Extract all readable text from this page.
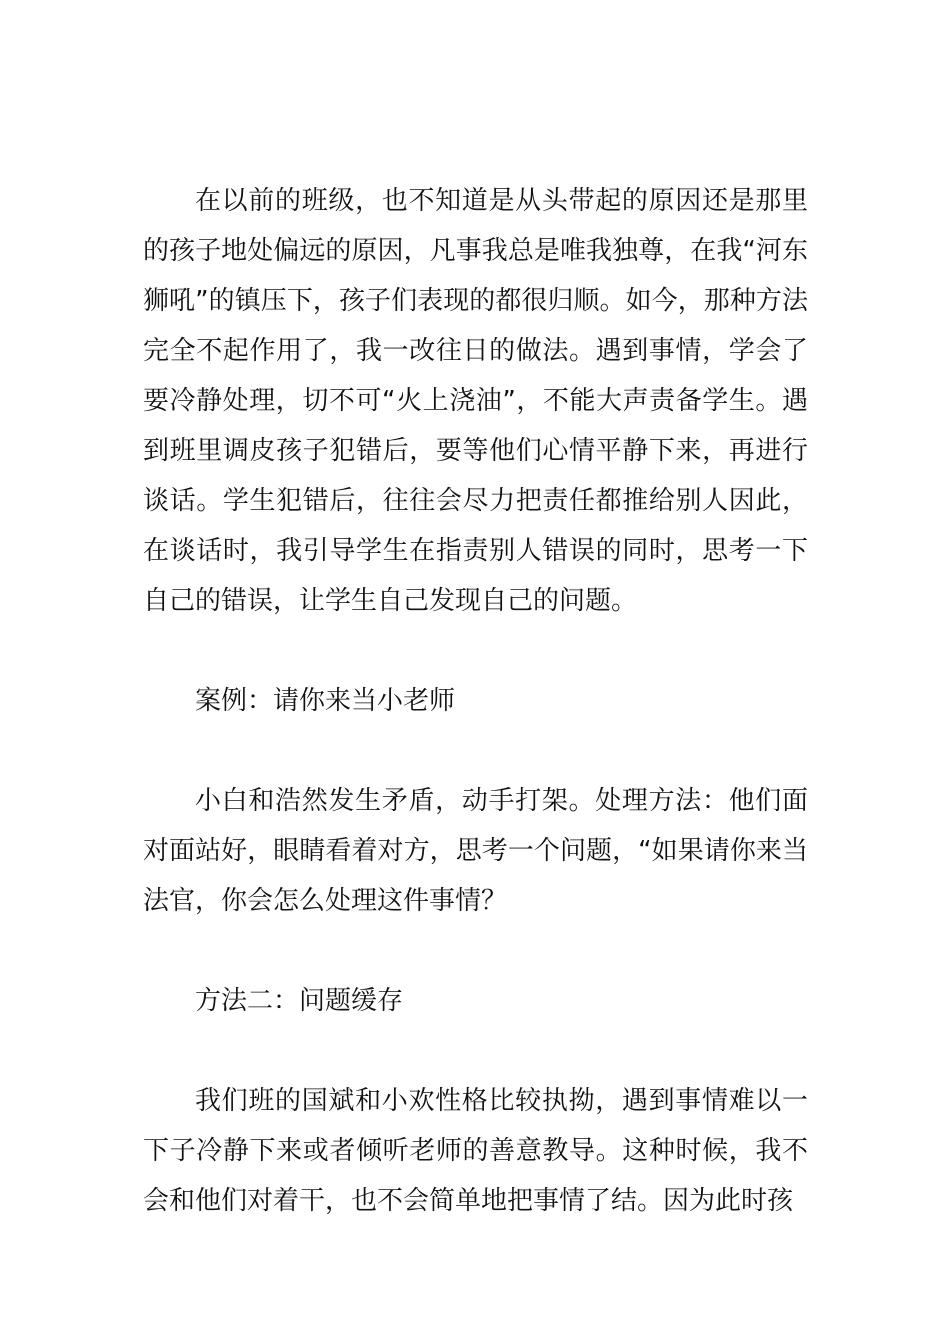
在以前的班级，也不知道是从头带起的原因还是那里的孩子地处偏远的原因，凡事我总是唯我独尊，在我“河东狮吼”的镇压下，孩子们表现的都很归顺。如今，那种方法完全不起作用了，我一改往日的做法。遇到事情，学会了要冷静处理，切不可“火上浇油”，不能大声责备学生。遇到班里调皮孩子犯错后，要等他们心情平静下来，再进行谈话。学生犯错后，往往会尽力把责任都推给别人因此，在谈话时，我引导学生在指责别人错误的同时，思考一下自己的错误，让学生自己发现自己的问题。

案例：请你来当小老师

小白和浩然发生矛盾，动手打架。处理方法：他们面对面站好，眼睛看着对方，思考一个问题，“如果请你来当法官，你会怎么处理这件事情？

方法二：问题缓存

我们班的国斌和小欢性格比较执拗，遇到事情难以一下子冷静下来或者倾听老师的善意教导。这种时候，我不会和他们对着干，也不会简单地把事情了结。因为此时孩
